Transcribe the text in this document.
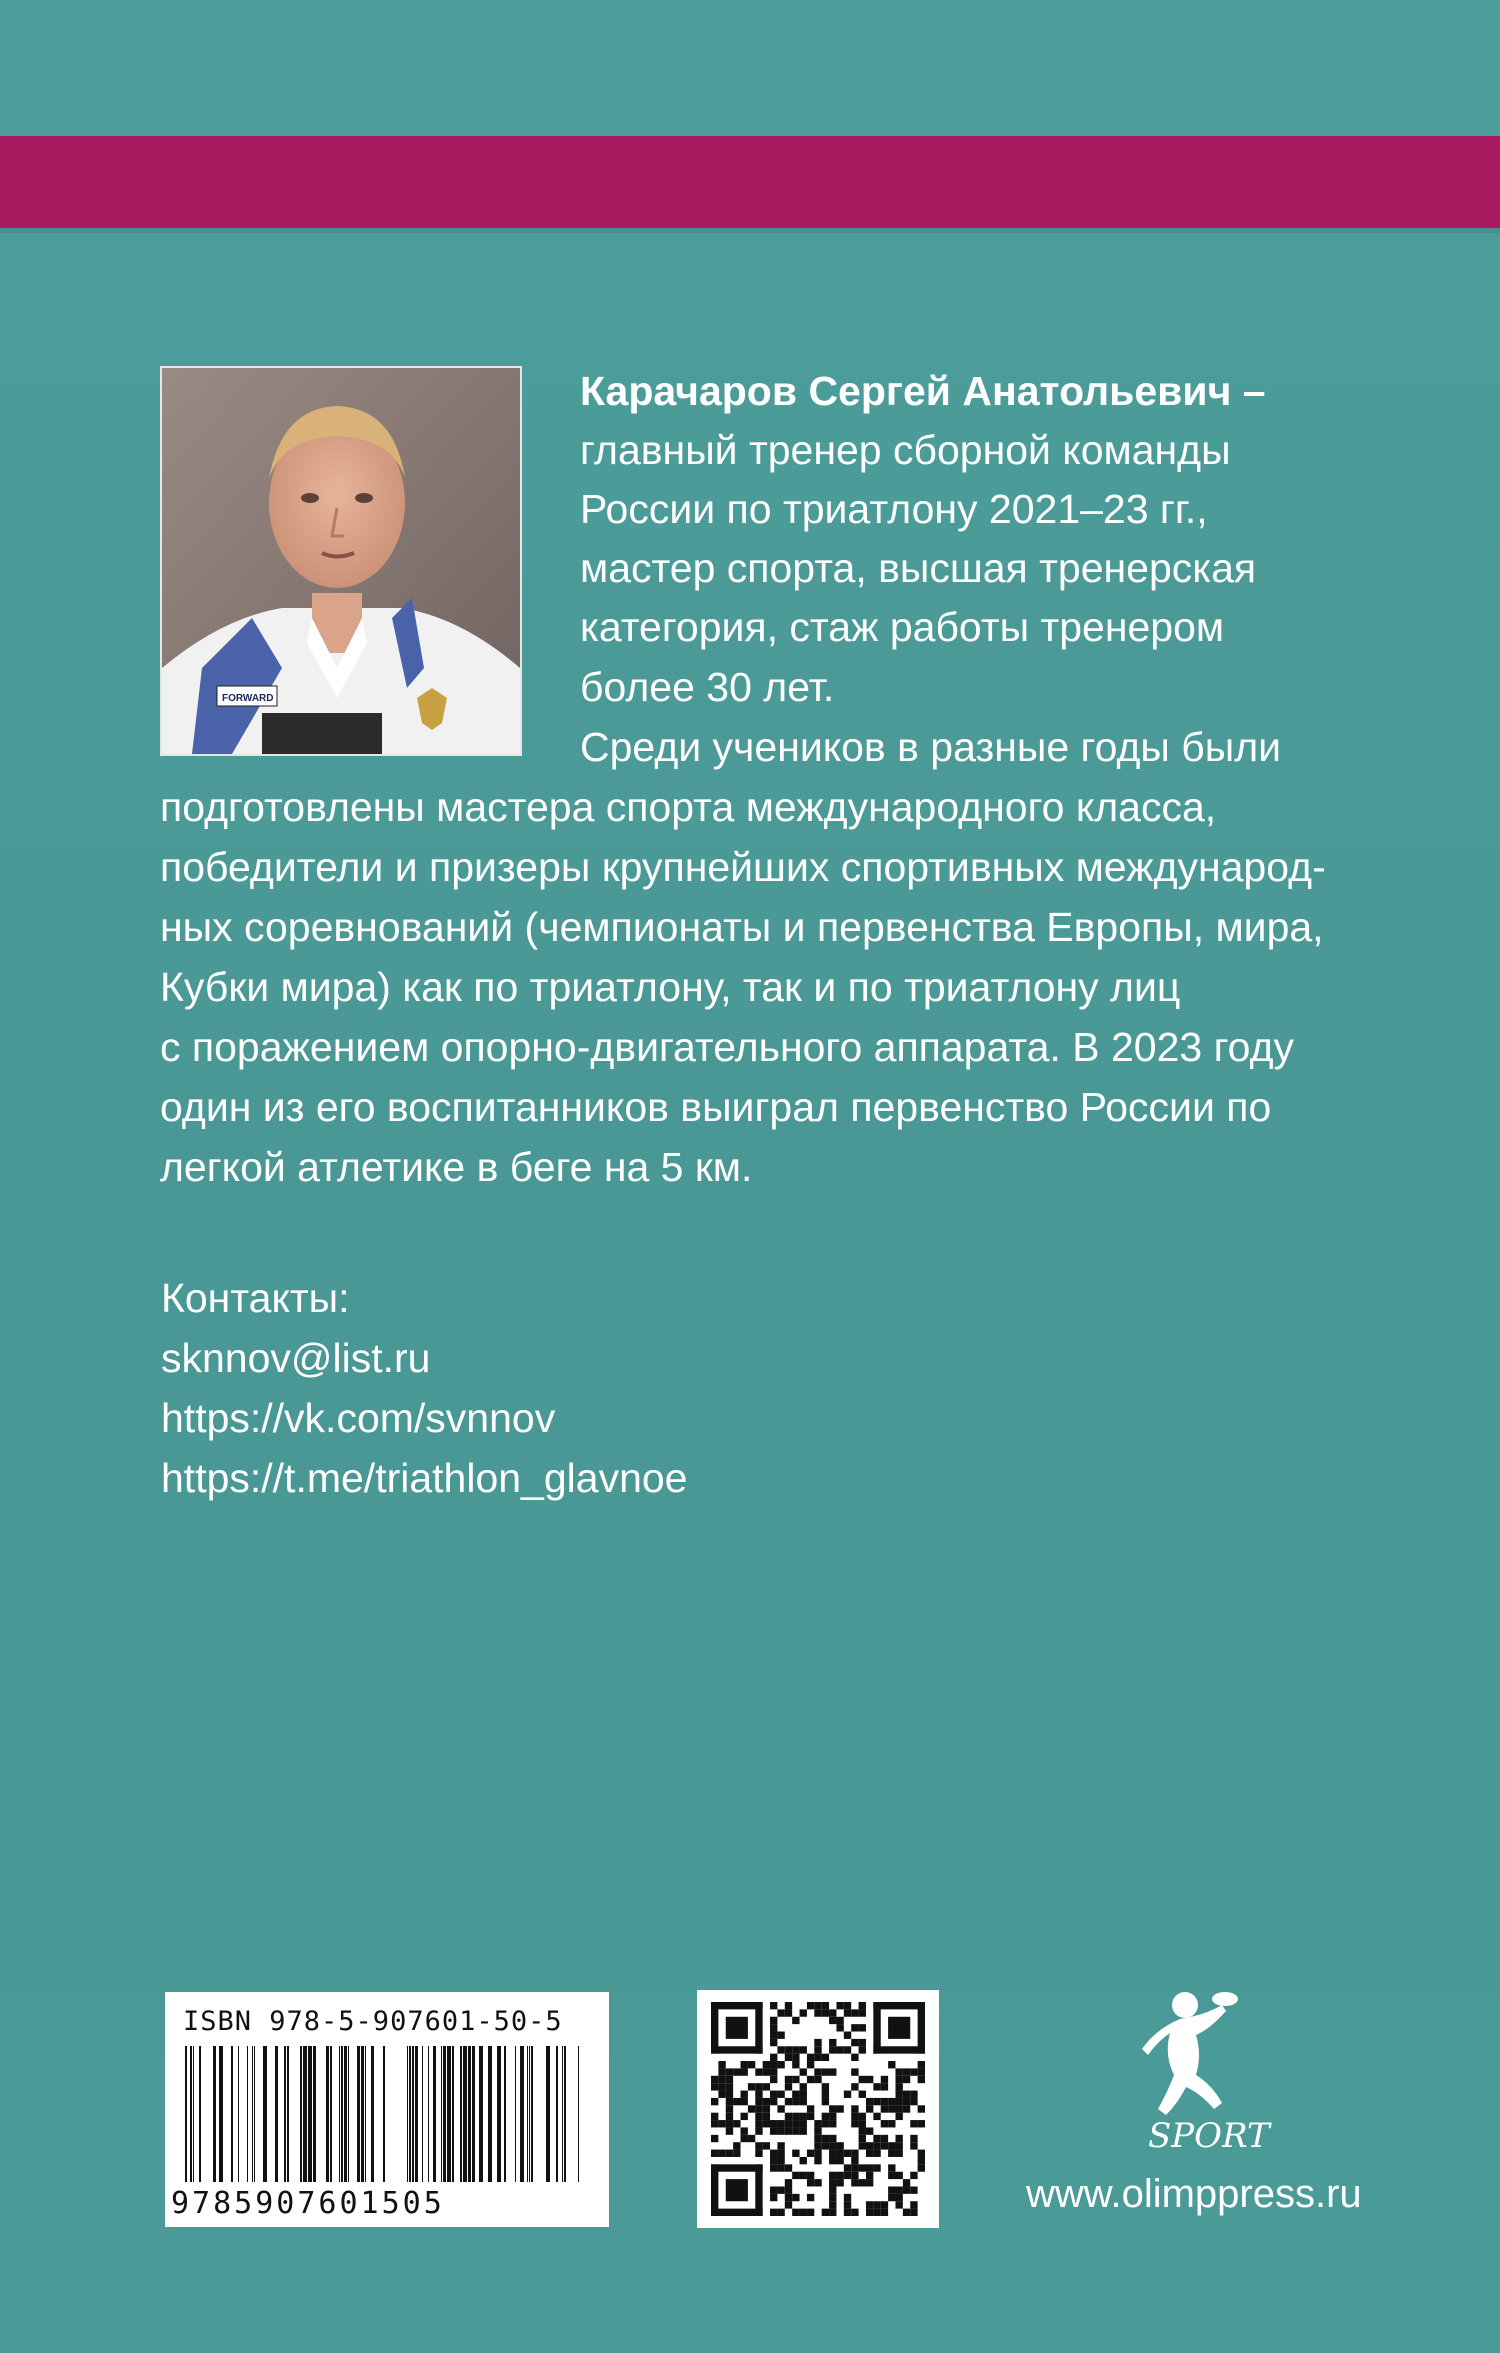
FORWARD
Карачаров Сергей Анатольевич –
главный тренер сборной команды
России по триатлону 2021–23 гг.,
мастер спорта, высшая тренерская
категория, стаж работы тренером
более 30 лет.
Среди учеников в разные годы были
подготовлены мастера спорта международного класса,
победители и призеры крупнейших спортивных международ-
ных соревнований (чемпионаты и первенства Европы, мира,
Кубки мира) как по триатлону, так и по триатлону лиц
с поражением опорно-двигательного аппарата. В 2023 году
один из его воспитанников выиграл первенство России по
легкой атлетике в беге на 5 км.
Контакты:
sknnov@list.ru
https://vk.com/svnnov
https://t.me/triathlon_glavnoe
ISBN 978-5-907601-50-5
9785907601505
SPORT
www.olimppress.ru
